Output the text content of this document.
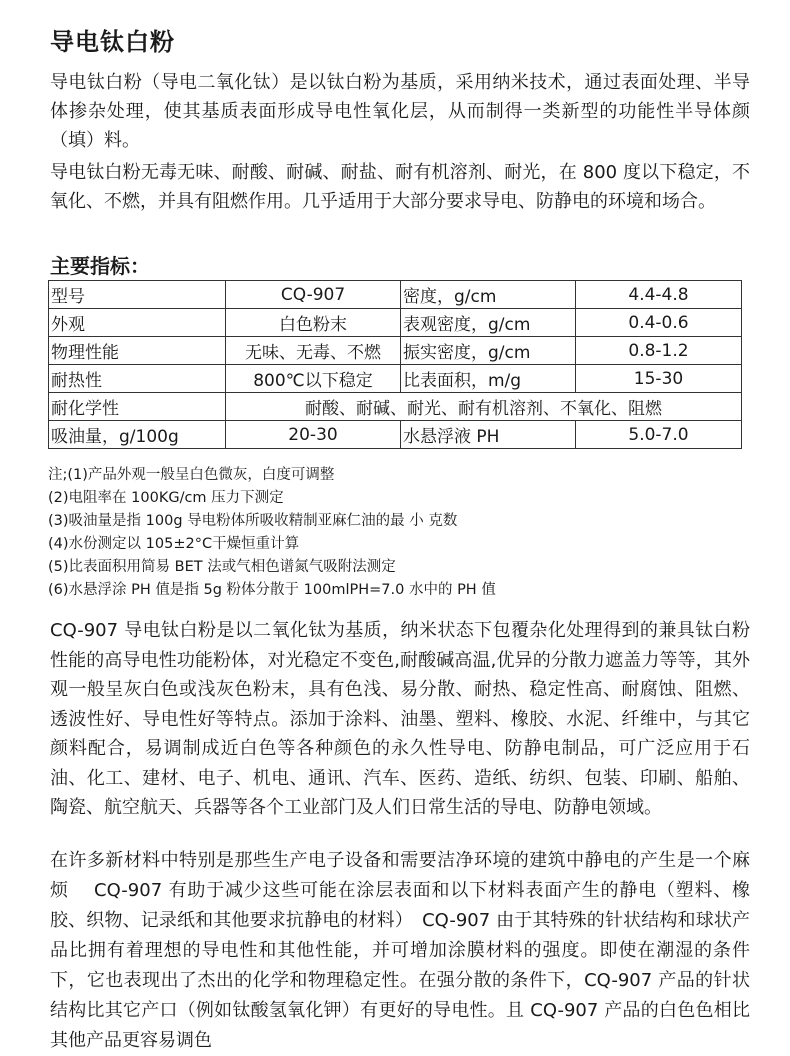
导电钛白粉

导电钛白粉（导电二氧化钛）是以钛白粉为基质，采用纳米技术，通过表面处理、半导体掺杂处理，使其基质表面形成导电性氧化层，从而制得一类新型的功能性半导体颜（填）料。

导电钛白粉无毒无味、耐酸、耐碱、耐盐、耐有机溶剂、耐光，在 800 度以下稳定，不氧化、不燃，并具有阻燃作用。几乎适用于大部分要求导电、防静电的环境和场合。

主要指标：
型号	CQ-907	密度，g/cm	4.4-4.8
外观	白色粉末	表观密度，g/cm	0.4-0.6
物理性能	无味、无毒、不燃	振实密度，g/cm	0.8-1.2
耐热性	800℃以下稳定	比表面积，m/g	15-30
耐化学性	耐酸、耐碱、耐光、耐有机溶剂、不氧化、阻燃		
吸油量，g/100g	20-30	水悬浮液 PH	5.0-7.0
注;(1)产品外观一般呈白色微灰，白度可调整
(2)电阻率在 100KG/cm 压力下测定
(3)吸油量是指 100g 导电粉体所吸收精制亚麻仁油的最 小 克数
(4)水份测定以 105±2°C干燥恒重计算
(5)比表面积用简易 BET 法或气相色谱氮气吸附法测定
(6)水悬浮涂 PH 值是指 5g 粉体分散于 100mlPH=7.0 水中的 PH 值

CQ-907 导电钛白粉是以二氧化钛为基质，纳米状态下包覆杂化处理得到的兼具钛白粉性能的高导电性功能粉体，对光稳定不变色,耐酸碱高温,优异的分散力遮盖力等等，其外观一般呈灰白色或浅灰色粉末，具有色浅、易分散、耐热、稳定性高、耐腐蚀、阻燃、透波性好、导电性好等特点。添加于涂料、油墨、塑料、橡胶、水泥、纤维中，与其它颜料配合，易调制成近白色等各种颜色的永久性导电、防静电制品，可广泛应用于石油、化工、建材、电子、机电、通讯、汽车、医药、造纸、纺织、包装、印刷、船舶、陶瓷、航空航天、兵器等各个工业部门及人们日常生活的导电、防静电领域。

在许多新材料中特别是那些生产电子设备和需要洁净环境的建筑中静电的产生是一个麻烦　 CQ-907 有助于减少这些可能在涂层表面和以下材料表面产生的静电（塑料、橡胶、织物、记录纸和其他要求抗静电的材料）　CQ-907 由于其特殊的针状结构和球状产品比拥有着理想的导电性和其他性能，并可增加涂膜材料的强度。即使在潮湿的条件下，它也表现出了杰出的化学和物理稳定性。在强分散的条件下，CQ-907 产品的针状结构比其它产口（例如钛酸氢氧化钾）有更好的导电性。且 CQ-907 产品的白色色相比其他产品更容易调色
